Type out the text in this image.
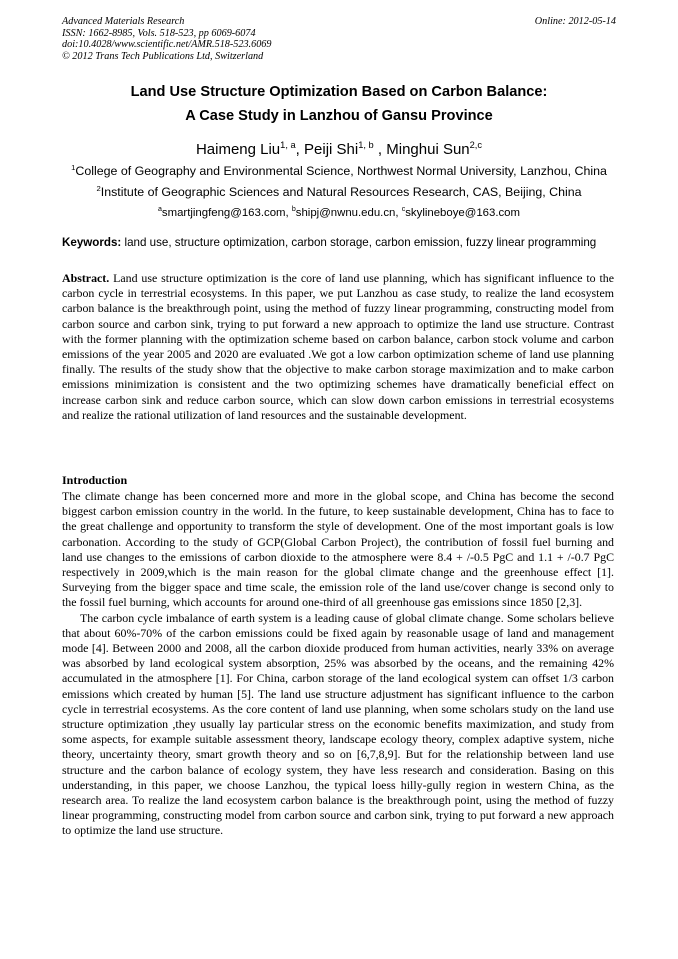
Advanced Materials Research
ISSN: 1662-8985, Vols. 518-523, pp 6069-6074
doi:10.4028/www.scientific.net/AMR.518-523.6069
© 2012 Trans Tech Publications Ltd, Switzerland
Online: 2012-05-14
Land Use Structure Optimization Based on Carbon Balance:
A Case Study in Lanzhou of Gansu Province
Haimeng Liu$^{1, a}$, Peiji Shi$^{1, b}$ , Minghui Sun$^{2,c}$
$^1$College of Geography and Environmental Science, Northwest Normal University, Lanzhou, China
$^2$Institute of Geographic Sciences and Natural Resources Research, CAS, Beijing, China
$^a$smartjingfeng@163.com, $^b$shipj@nwnu.edu.cn, $^c$skylineboye@163.com
Keywords: land use, structure optimization, carbon storage, carbon emission, fuzzy linear programming
Abstract. Land use structure optimization is the core of land use planning, which has significant influence to the carbon cycle in terrestrial ecosystems. In this paper, we put Lanzhou as case study, to realize the land ecosystem carbon balance is the breakthrough point, using the method of fuzzy linear programming, constructing model from carbon source and carbon sink, trying to put forward a new approach to optimize the land use structure. Contrast with the former planning with the optimization scheme based on carbon balance, carbon stock volume and carbon emissions of the year 2005 and 2020 are evaluated .We got a low carbon optimization scheme of land use planning finally. The results of the study show that the objective to make carbon storage maximization and to make carbon emissions minimization is consistent and the two optimizing schemes have dramatically beneficial effect on increase carbon sink and reduce carbon source, which can slow down carbon emissions in terrestrial ecosystems and realize the rational utilization of land resources and the sustainable development.
Introduction
The climate change has been concerned more and more in the global scope, and China has become the second biggest carbon emission country in the world. In the future, to keep sustainable development, China has to face to the great challenge and opportunity to transform the style of development. One of the most important goals is low carbonation. According to the study of GCP(Global Carbon Project), the contribution of fossil fuel burning and land use changes to the emissions of carbon dioxide to the atmosphere were 8.4 + /-0.5 PgC and 1.1 + /-0.7 PgC respectively in 2009,which is the main reason for the global climate change and the greenhouse effect [1]. Surveying from the bigger space and time scale, the emission role of the land use/cover change is second only to the fossil fuel burning, which accounts for around one-third of all greenhouse gas emissions since 1850 [2,3].
The carbon cycle imbalance of earth system is a leading cause of global climate change. Some scholars believe that about 60%-70% of the carbon emissions could be fixed again by reasonable usage of land and management mode [4]. Between 2000 and 2008, all the carbon dioxide produced from human activities, nearly 33% on average was absorbed by land ecological system absorption, 25% was absorbed by the oceans, and the remaining 42% accumulated in the atmosphere [1]. For China, carbon storage of the land ecological system can offset 1/3 carbon emissions which created by human [5]. The land use structure adjustment has significant influence to the carbon cycle in terrestrial ecosystems. As the core content of land use planning, when some scholars study on the land use structure optimization ,they usually lay particular stress on the economic benefits maximization, and study from some aspects, for example suitable assessment theory, landscape ecology theory, complex adaptive system, niche theory, uncertainty theory, smart growth theory and so on [6,7,8,9]. But for the relationship between land use structure and the carbon balance of ecology system, they have less research and consideration. Basing on this understanding, in this paper, we choose Lanzhou, the typical loess hilly-gully region in western China, as the research area. To realize the land ecosystem carbon balance is the breakthrough point, using the method of fuzzy linear programming, constructing model from carbon source and carbon sink, trying to put forward a new approach to optimize the land use structure.
